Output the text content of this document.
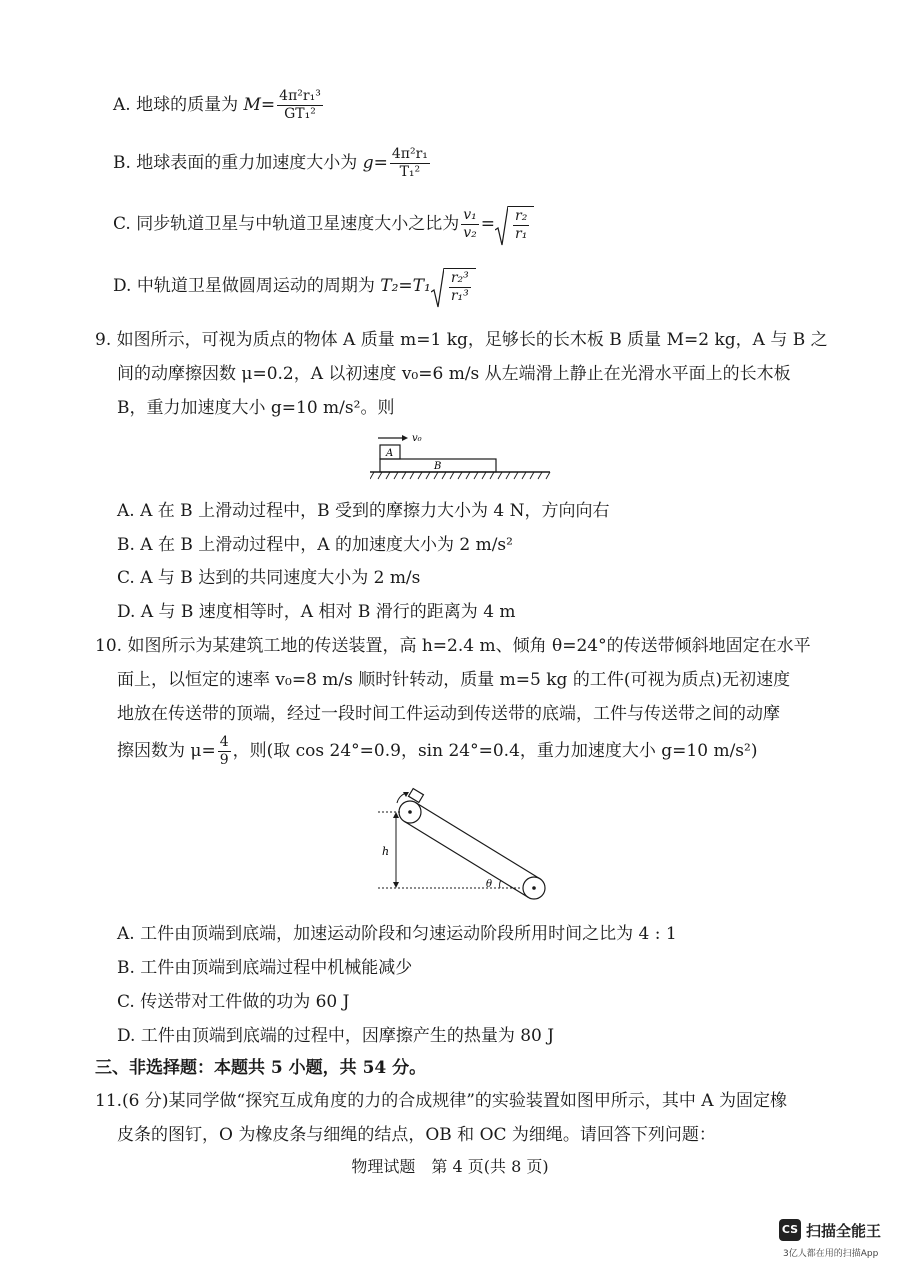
A. 地球的质量为 $M= \frac{\text{4π²r₁³}}{\text{GT₁²}}$
B. 地球表面的重力加速度大小为 $g= \frac{\text{4π²r₁}}{\text{T₁²}}$
C. 同步轨道卫星与中轨道卫星速度大小之比为 $\frac{\text{v₁}}{\text{v₂}} = \frac{\text{r₂}}{\text{r₁}}$
D. 中轨道卫星做圆周运动的周期为 $T_2=T_1 \frac{\text{r₂³}}{\text{r₁³}}$
9. 如图所示，可视为质点的物体 A 质量 m=1 kg，足够长的长木板 B 质量 M=2 kg，A 与 B 之
间的动摩擦因数 μ=0.2，A 以初速度 v₀=6 m/s 从左端滑上静止在光滑水平面上的长木板
B，重力加速度大小 g=10 m/s²。则
v₀
A
B
A. A 在 B 上滑动过程中，B 受到的摩擦力大小为 4 N，方向向右
B. A 在 B 上滑动过程中，A 的加速度大小为 2 m/s²
C. A 与 B 达到的共同速度大小为 2 m/s
D. A 与 B 速度相等时，A 相对 B 滑行的距离为 4 m
10. 如图所示为某建筑工地的传送装置，高 h=2.4 m、倾角 θ=24°的传送带倾斜地固定在水平
面上，以恒定的速率 v₀=8 m/s 顺时针转动，质量 m=5 kg 的工件(可视为质点)无初速度
地放在传送带的顶端，经过一段时间工件运动到传送带的底端，工件与传送带之间的动摩
擦因数为 $\mu= \frac{4}{9}$ ，则(取 cos 24°=0.9，sin 24°=0.4，重力加速度大小 g=10 m/s²)
h
θ
A. 工件由顶端到底端，加速运动阶段和匀速运动阶段所用时间之比为 4 : 1
B. 工件由顶端到底端过程中机械能减少
C. 传送带对工件做的功为 60 J
D. 工件由顶端到底端的过程中，因摩擦产生的热量为 80 J
三、非选择题：本题共 5 小题，共 54 分。
11.(6 分)某同学做“探究互成角度的力的合成规律”的实验装置如图甲所示，其中 A 为固定橡
皮条的图钉，O 为橡皮条与细绳的结点，OB 和 OC 为细绳。请回答下列问题：
物理试题　第 4 页(共 8 页)
CS 扫描全能王
3亿人都在用的扫描App
